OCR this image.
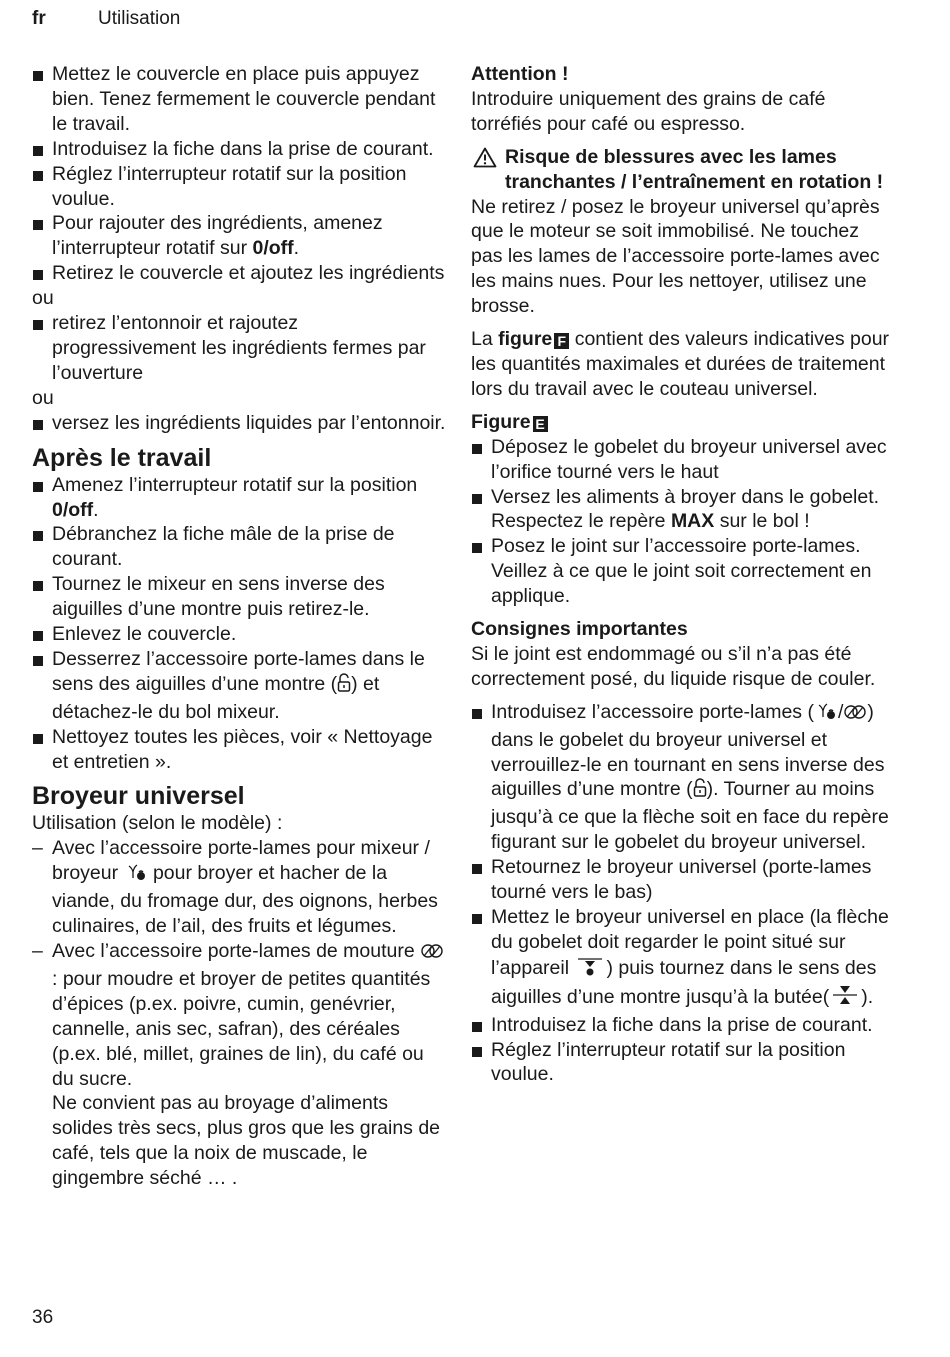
fr	Utilisation
Mettez le couvercle en place puis appuyez bien. Tenez fermement le couvercle pendant le travail.
Introduisez la fiche dans la prise de courant.
Réglez l’interrupteur rotatif sur la position voulue.
Pour rajouter des ingrédients, amenez l’interrupteur rotatif sur 0/off.
Retirez le couvercle et ajoutez les ingrédients

ou

retirez l’entonnoir et rajoutez progressivement les ingrédients fermes par l’ouverture

ou

versez les ingrédients liquides par l’entonnoir.
Après le travail
Amenez l’interrupteur rotatif sur la position 0/off.
Débranchez la fiche mâle de la prise de courant.
Tournez le mixeur en sens inverse des aiguilles d’une montre puis retirez-le.
Enlevez le couvercle.
Desserrez l’accessoire porte-lames dans le sens des aiguilles d’une montre ( ) et détachez-le du bol mixeur.
Nettoyez toutes les pièces, voir « Nettoyage et entretien ».
Broyeur universel

Utilisation (selon le modèle) :

– Avec l’accessoire porte-lames pour mixeur / broyeur  pour broyer et hacher de la viande, du fromage dur, des oignons, herbes culinaires, de l’ail, des fruits et légumes.
– Avec l’accessoire porte-lames de mouture  : pour moudre et broyer de petites quantités d’épices (p.ex. poivre, cumin, genévrier, cannelle, anis sec, safran), des céréales (p.ex. blé, millet, graines de lin), du café ou du sucre.
Ne convient pas au broyage d’aliments solides très secs, plus gros que les grains de café, tels que la noix de muscade, le gingembre séché … .

Attention !

Introduire uniquement des grains de café torréfiés pour café ou espresso.

Risque de blessures avec les lames tranchantes / l’entraînement en rotation !

Ne retirez / posez le broyeur universel qu’après que le moteur se soit immobilisé. Ne touchez pas les lames de l’accessoire porte-lames avec les mains nues. Pour les nettoyer, utilisez une brosse.

La figure F contient des valeurs indicatives pour les quantités maximales et durées de traitement lors du travail avec le couteau universel.

Figure E

Déposez le gobelet du broyeur universel avec l’orifice tourné vers le haut
Versez les aliments à broyer dans le gobelet. Respectez le repère MAX sur le bol !
Posez le joint sur l’accessoire porte-lames. Veillez à ce que le joint soit correctement en applique.

Consignes importantes

Si le joint est endommagé ou s’il n’a pas été correctement posé, du liquide risque de couler.

Introduisez l’accessoire porte-lames ( / ) dans le gobelet du broyeur universel et verrouillez-le en tournant en sens inverse des aiguilles d’une montre ( ). Tourner au moins jusqu’à ce que la flèche soit en face du repère figurant sur le gobelet du broyeur universel.
Retournez le broyeur universel (porte-lames tourné vers le bas)
Mettez le broyeur universel en place (la flèche du gobelet doit regarder le point situé sur l’appareil ) puis tournez dans le sens des aiguilles d’une montre jusqu’à la butée( ).
Introduisez la fiche dans la prise de courant.
Réglez l’interrupteur rotatif sur la position voulue.
36
